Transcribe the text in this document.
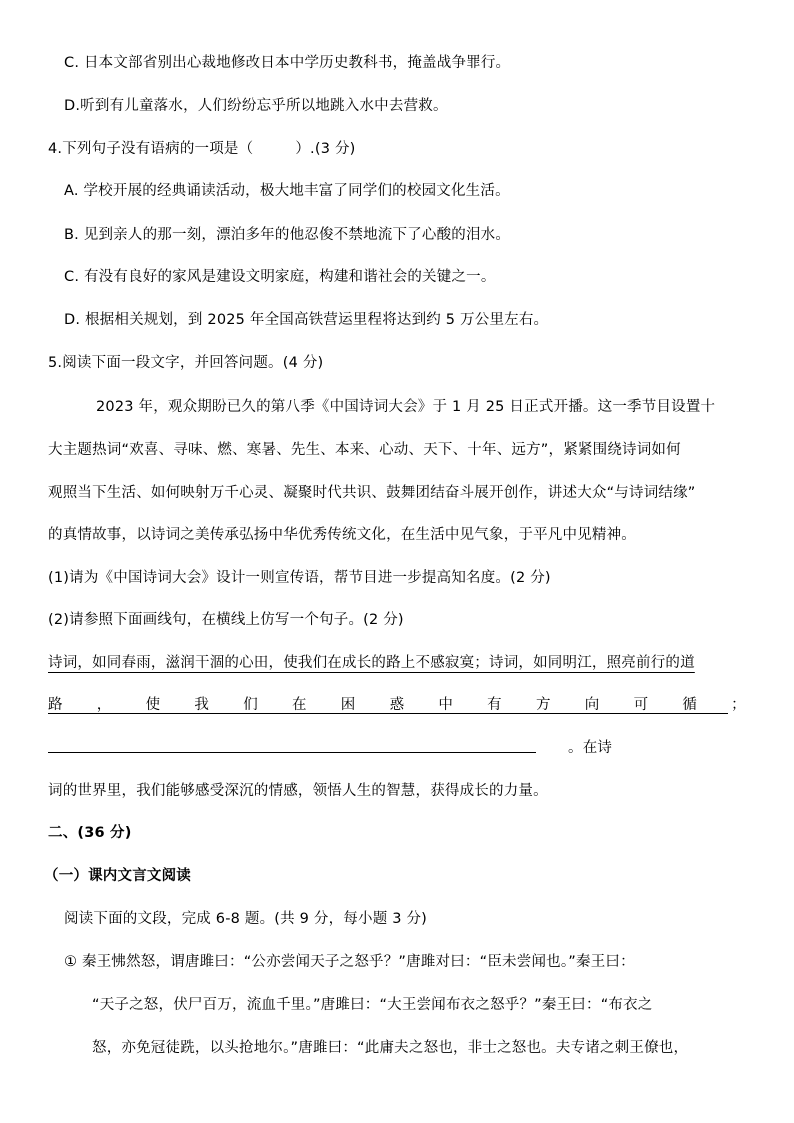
C. 日本文部省别出心裁地修改日本中学历史教科书，掩盖战争罪行。
D.听到有儿童落水，人们纷纷忘乎所以地跳入水中去营救。
4.下列句子没有语病的一项是（	）.(3 分)
A. 学校开展的经典诵读活动，极大地丰富了同学们的校园文化生活。
B. 见到亲人的那一刻，漂泊多年的他忍俊不禁地流下了心酸的泪水。
C. 有没有良好的家风是建设文明家庭，构建和谐社会的关键之一。
D. 根据相关规划，到 2025 年全国高铁营运里程将达到约 5 万公里左右。
5.阅读下面一段文字，并回答问题。(4 分)
2023 年，观众期盼已久的第八季《中国诗词大会》于 1 月 25 日正式开播。这一季节目设置十
大主题热词“欢喜、寻味、燃、寒暑、先生、本来、心动、天下、十年、远方”，紧紧围绕诗词如何
观照当下生活、如何映射万千心灵、凝聚时代共识、鼓舞团结奋斗展开创作，讲述大众“与诗词结缘”
的真情故事，以诗词之美传承弘扬中华优秀传统文化，在生活中见气象，于平凡中见精神。
(1)请为《中国诗词大会》设计一则宣传语，帮节目进一步提高知名度。(2 分)
(2)请参照下面画线句，在横线上仿写一个句子。(2 分)
诗词，如同春雨，滋润干涸的心田，使我们在成长的路上不感寂寞；诗词，如同明江，照亮前行的道
路 ， 使 我 们 在 困 惑 中 有 方 向 可 循 ；
。在诗
词的世界里，我们能够感受深沉的情感，领悟人生的智慧，获得成长的力量。
二、(36 分)
（一）课内文言文阅读
阅读下面的文段，完成 6-8 题。(共 9 分，每小题 3 分)
① 秦王怫然怒，谓唐雎曰：“公亦尝闻天子之怒乎？”唐雎对曰：“臣未尝闻也。”秦王曰：
“天子之怒，伏尸百万，流血千里。”唐雎曰：“大王尝闻布衣之怒乎？”秦王曰：“布衣之
怒，亦免冠徒跣，以头抢地尔。”唐雎曰：“此庸夫之怒也，非士之怒也。夫专诸之刺王僚也，
